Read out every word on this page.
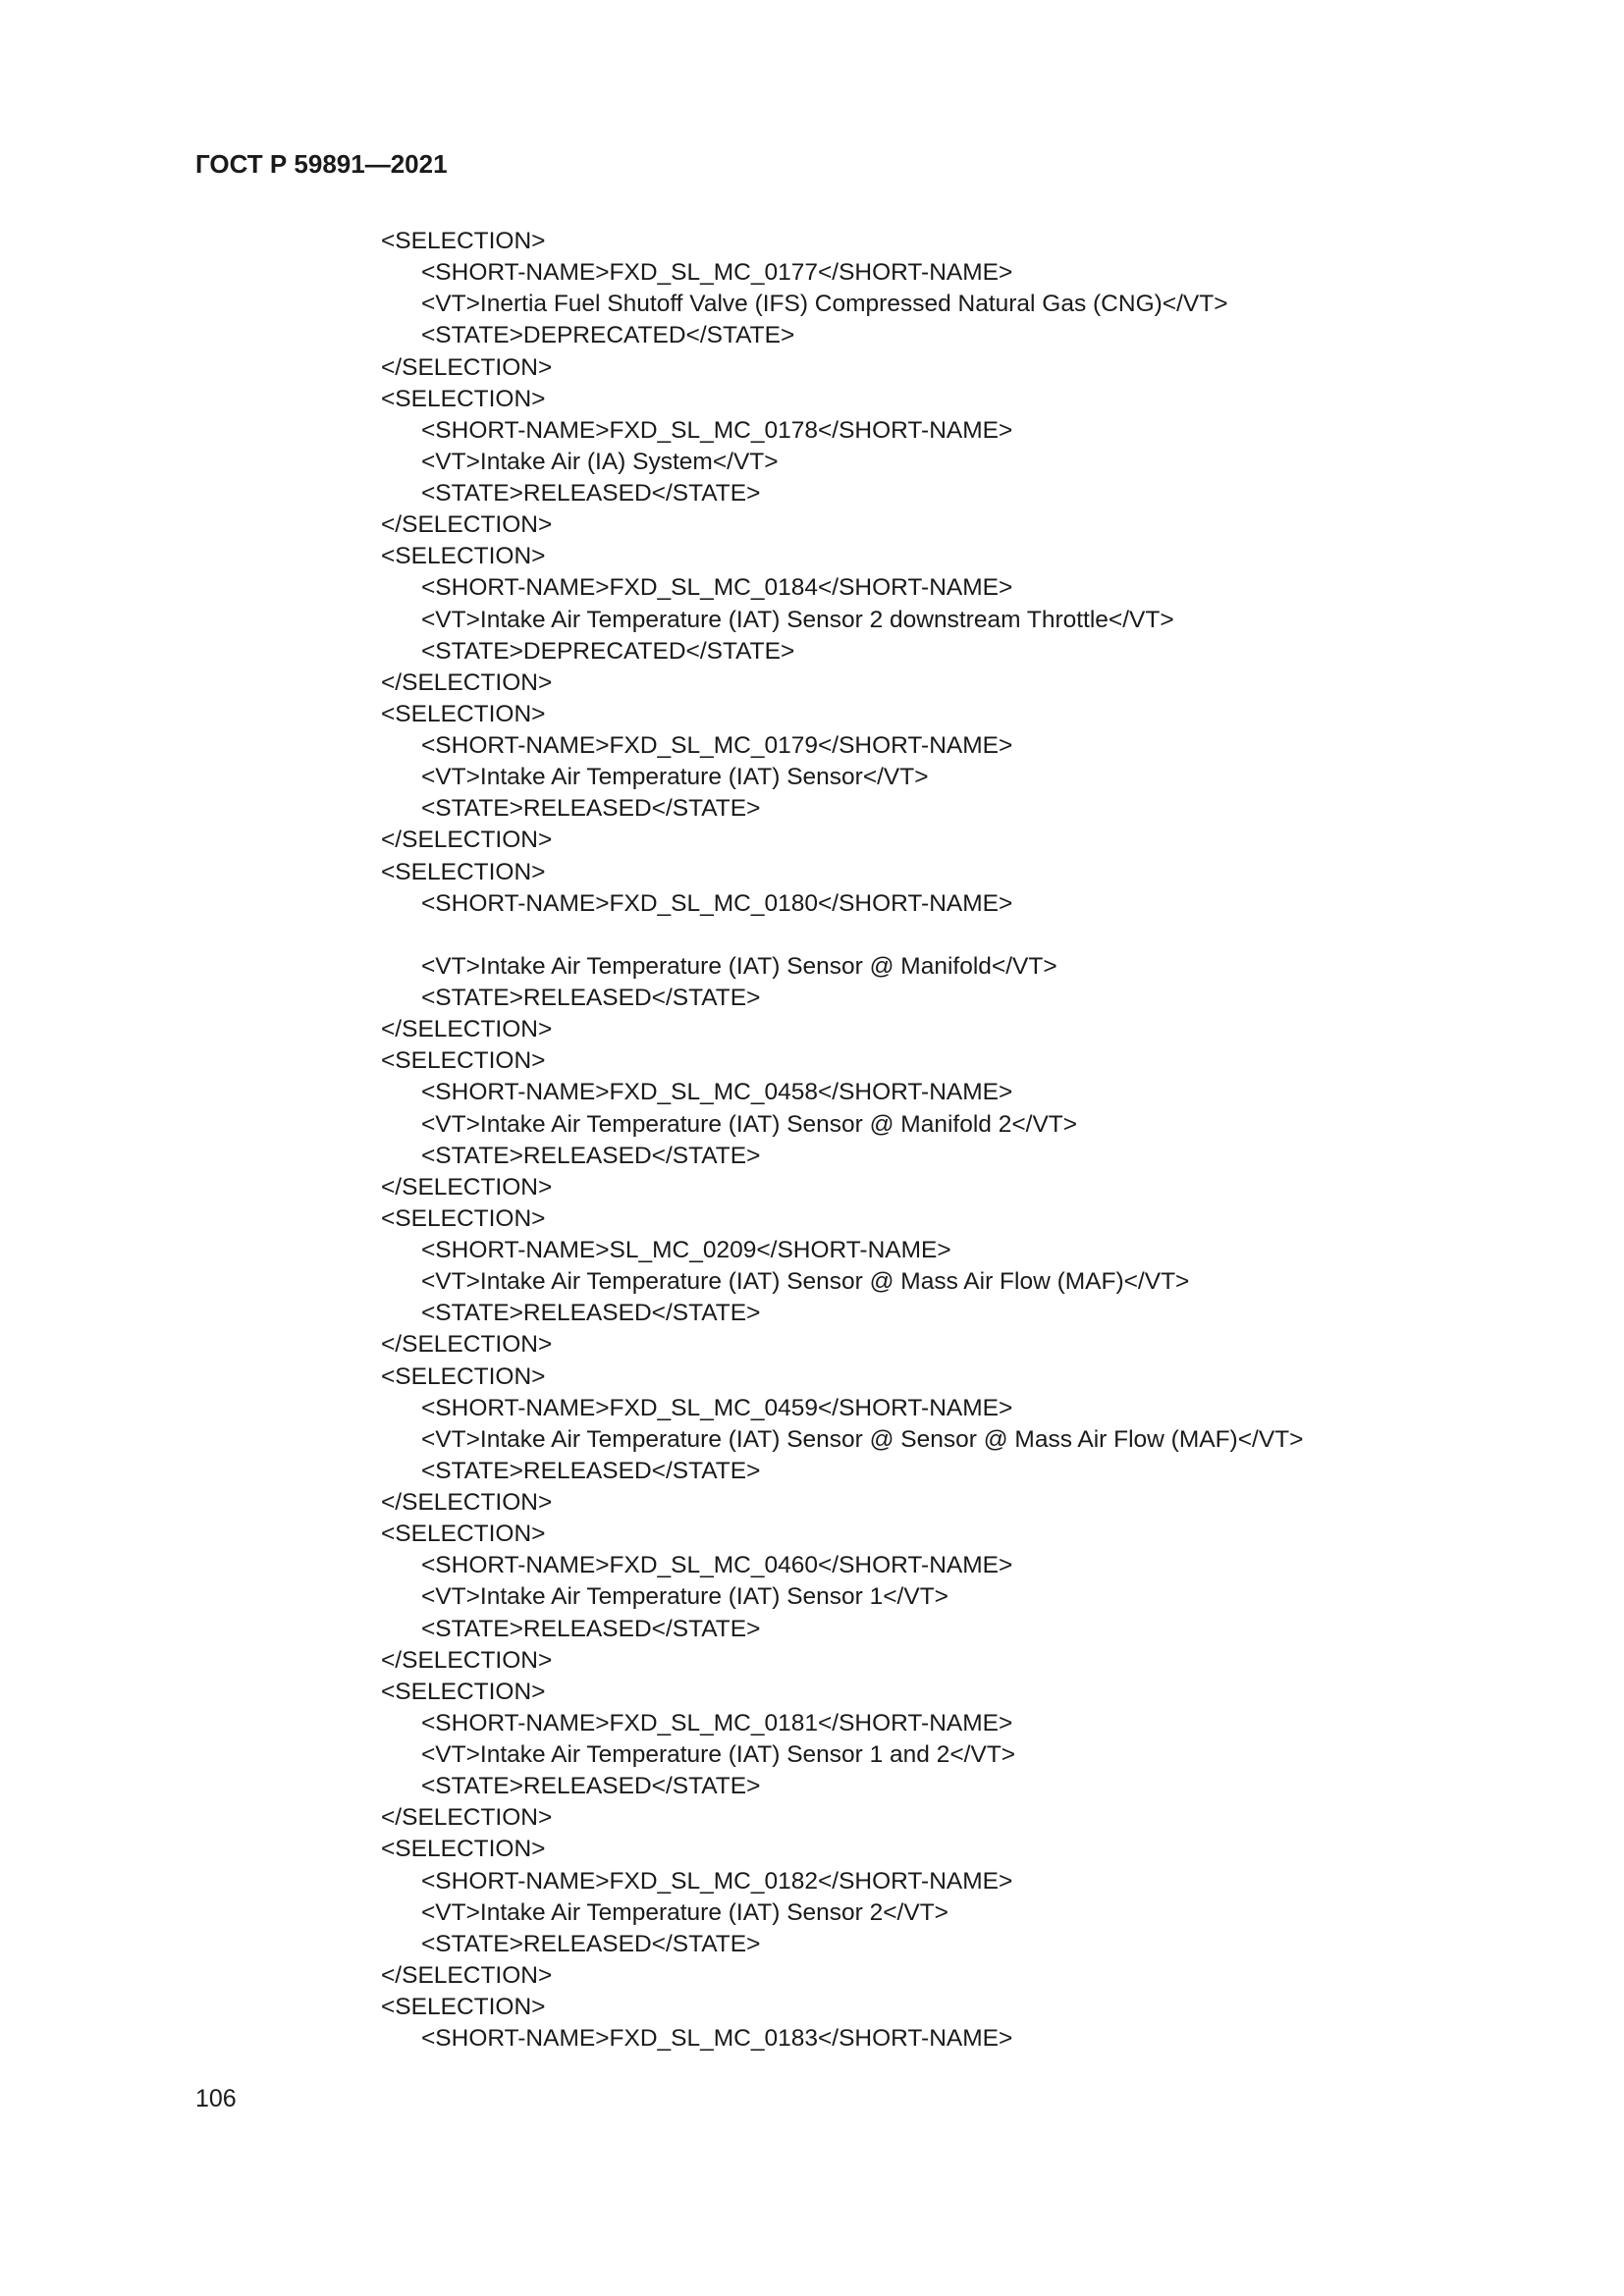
ГОСТ Р 59891—2021
<SELECTION>
<SHORT-NAME>FXD_SL_MC_0177</SHORT-NAME>
<VT>Inertia Fuel Shutoff Valve (IFS) Compressed Natural Gas (CNG)</VT>
<STATE>DEPRECATED</STATE>
</SELECTION>
<SELECTION>
<SHORT-NAME>FXD_SL_MC_0178</SHORT-NAME>
<VT>Intake Air (IA) System</VT>
<STATE>RELEASED</STATE>
</SELECTION>
<SELECTION>
<SHORT-NAME>FXD_SL_MC_0184</SHORT-NAME>
<VT>Intake Air Temperature (IAT) Sensor 2 downstream Throttle</VT>
<STATE>DEPRECATED</STATE>
</SELECTION>
<SELECTION>
<SHORT-NAME>FXD_SL_MC_0179</SHORT-NAME>
<VT>Intake Air Temperature (IAT) Sensor</VT>
<STATE>RELEASED</STATE>
</SELECTION>
<SELECTION>
<SHORT-NAME>FXD_SL_MC_0180</SHORT-NAME>
<VT>Intake Air Temperature (IAT) Sensor @ Manifold</VT>
<STATE>RELEASED</STATE>
</SELECTION>
<SELECTION>
<SHORT-NAME>FXD_SL_MC_0458</SHORT-NAME>
<VT>Intake Air Temperature (IAT) Sensor @ Manifold 2</VT>
<STATE>RELEASED</STATE>
</SELECTION>
<SELECTION>
<SHORT-NAME>SL_MC_0209</SHORT-NAME>
<VT>Intake Air Temperature (IAT) Sensor @ Mass Air Flow (MAF)</VT>
<STATE>RELEASED</STATE>
</SELECTION>
<SELECTION>
<SHORT-NAME>FXD_SL_MC_0459</SHORT-NAME>
<VT>Intake Air Temperature (IAT) Sensor @ Sensor @ Mass Air Flow (MAF)</VT>
<STATE>RELEASED</STATE>
</SELECTION>
<SELECTION>
<SHORT-NAME>FXD_SL_MC_0460</SHORT-NAME>
<VT>Intake Air Temperature (IAT) Sensor 1</VT>
<STATE>RELEASED</STATE>
</SELECTION>
<SELECTION>
<SHORT-NAME>FXD_SL_MC_0181</SHORT-NAME>
<VT>Intake Air Temperature (IAT) Sensor 1 and 2</VT>
<STATE>RELEASED</STATE>
</SELECTION>
<SELECTION>
<SHORT-NAME>FXD_SL_MC_0182</SHORT-NAME>
<VT>Intake Air Temperature (IAT) Sensor 2</VT>
<STATE>RELEASED</STATE>
</SELECTION>
<SELECTION>
<SHORT-NAME>FXD_SL_MC_0183</SHORT-NAME>
106
